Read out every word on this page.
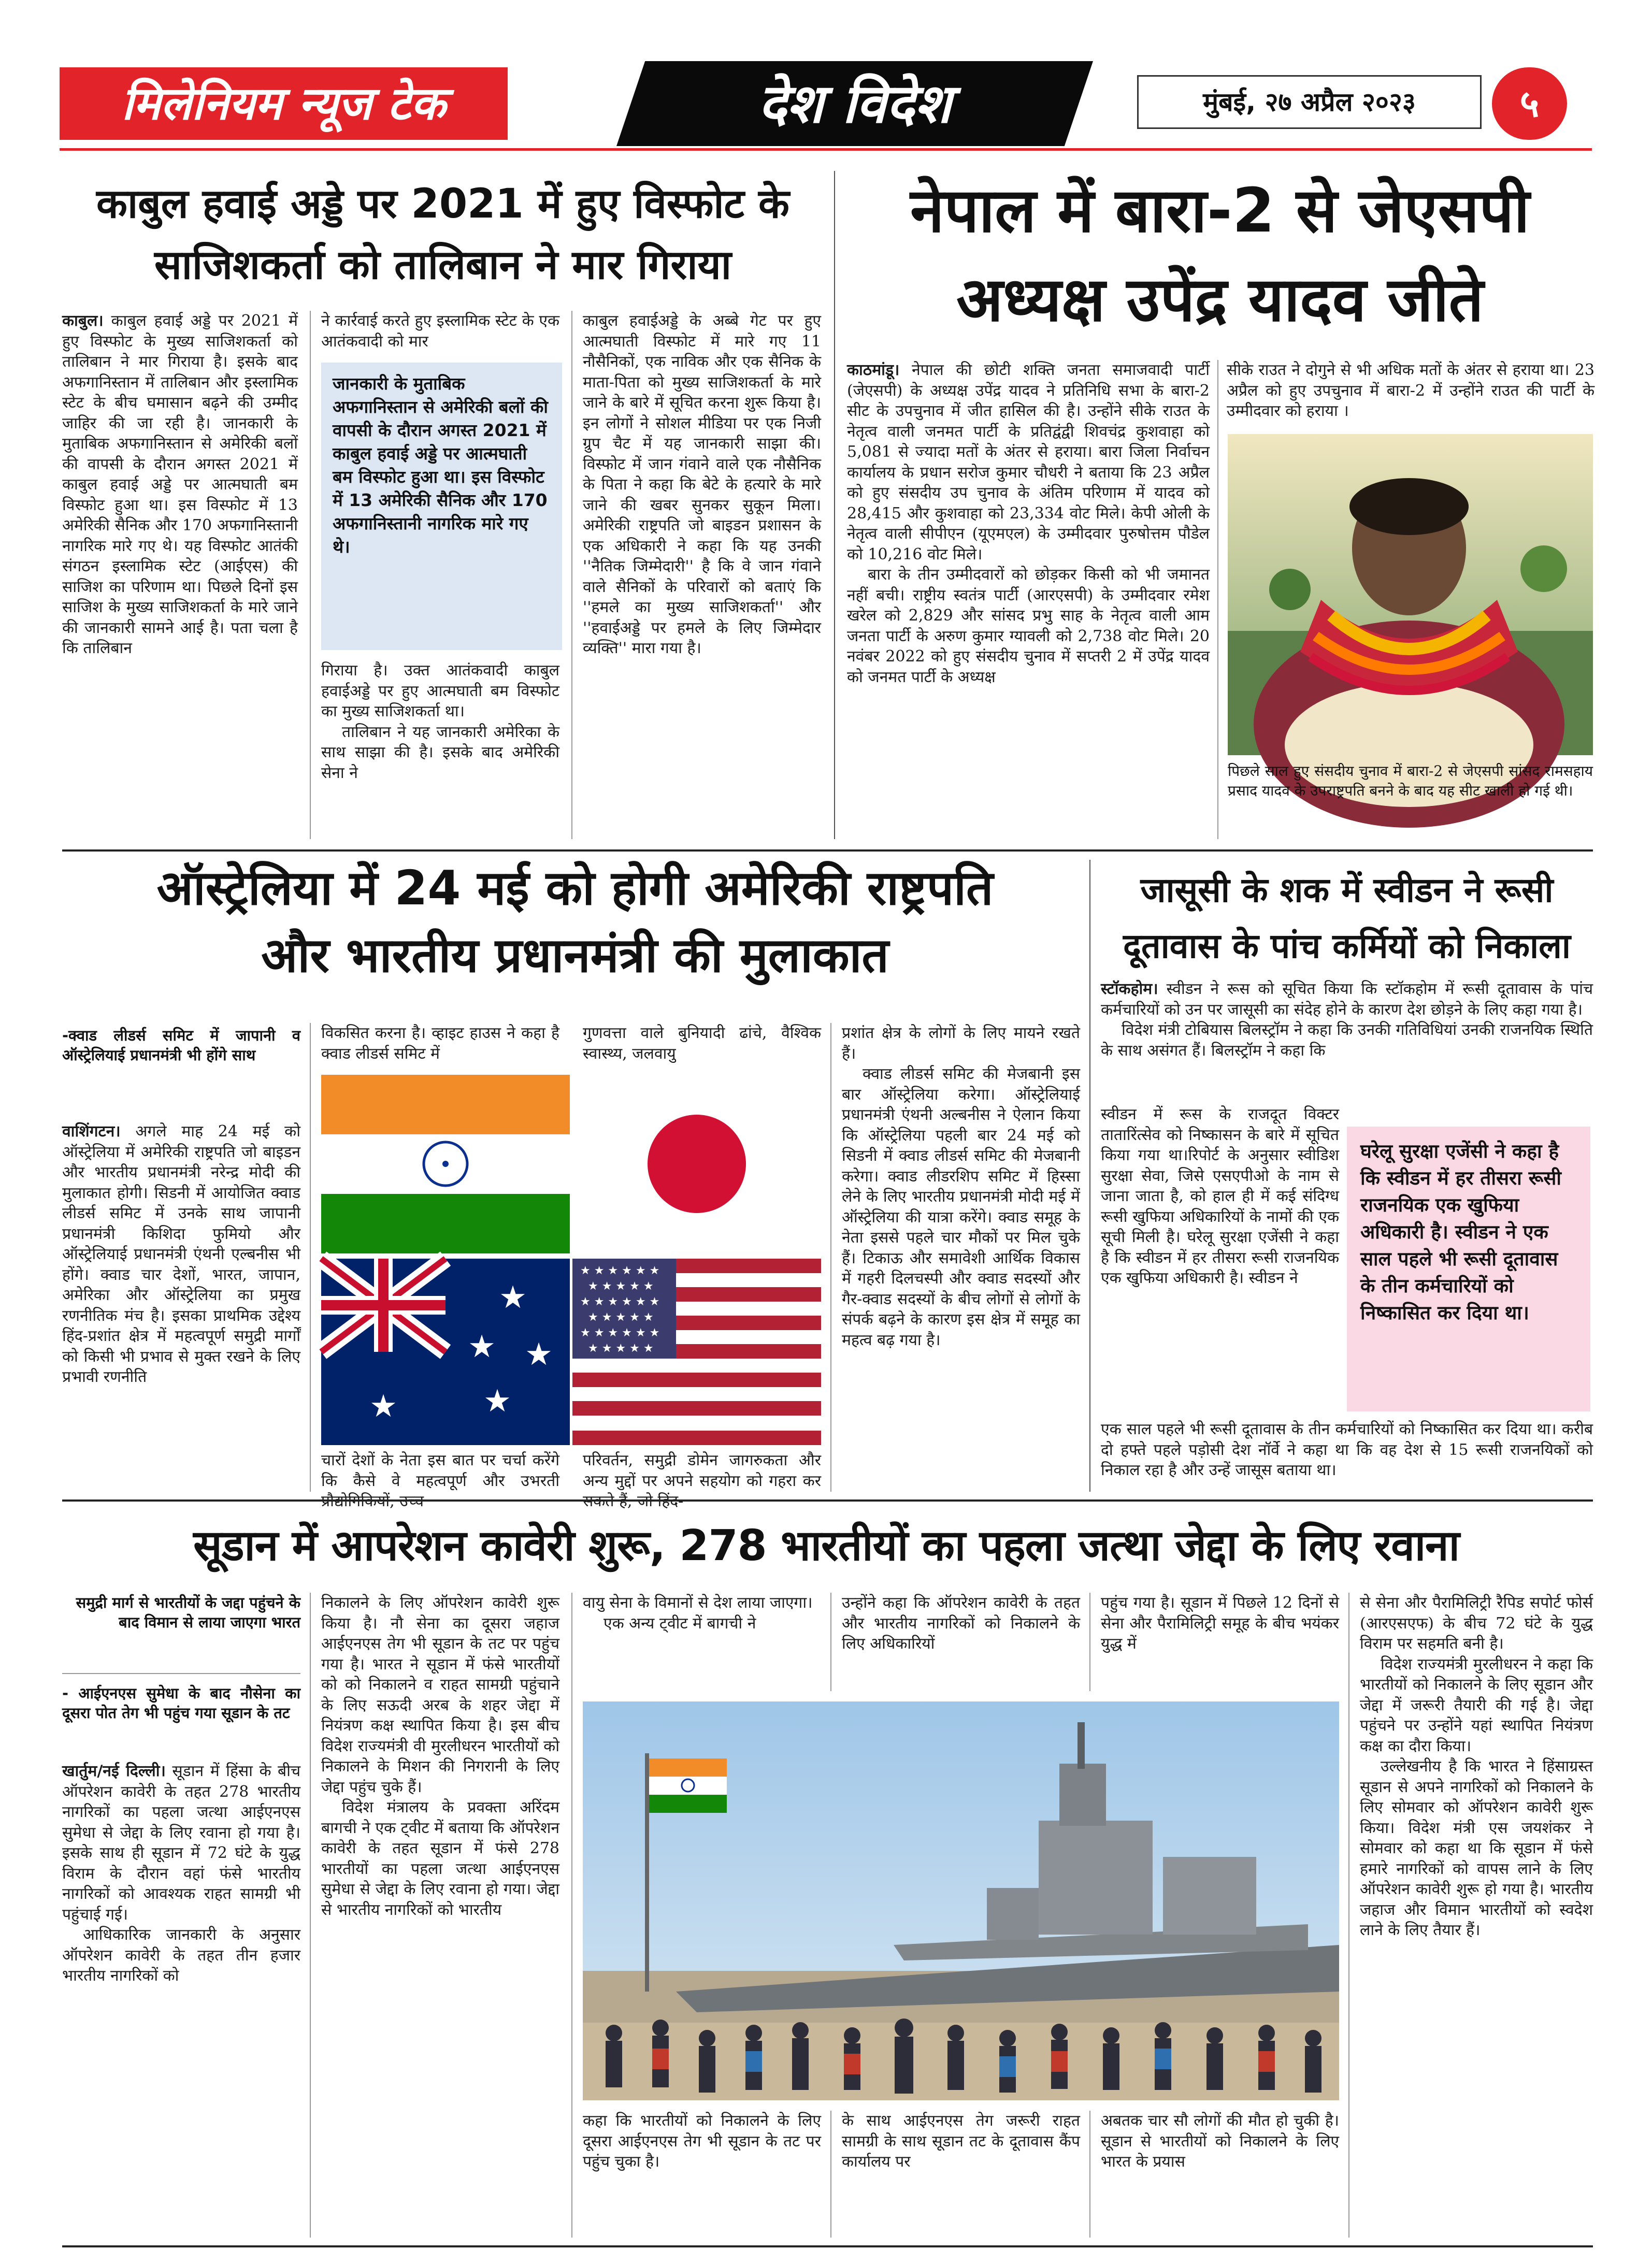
मिलेनियम न्यूज टेक	देश विदेश	मुंबई, २७ अप्रैल २०२३	५
काबुल हवाई अड्डे पर 2021 में हुए विस्फोट के
साजिशकर्ता को तालिबान ने मार गिराया

काबुल। काबुल हवाई अड्डे पर 2021 में हुए विस्फोट के मुख्य साजिशकर्ता को तालिबान ने मार गिराया है। इसके बाद अफगानिस्तान में तालिबान और इस्लामिक स्टेट के बीच घमासान बढ़ने की उम्मीद जाहिर की जा रही है। जानकारी के मुताबिक अफगानिस्तान से अमेरिकी बलों की वापसी के दौरान अगस्त 2021 में काबुल हवाई अड्डे पर आत्मघाती बम विस्फोट हुआ था। इस विस्फोट में 13 अमेरिकी सैनिक और 170 अफगानिस्तानी नागरिक मारे गए थे। यह विस्फोट आतंकी संगठन इस्लामिक स्टेट (आईएस) की साजिश का परिणाम था। पिछले दिनों इस साजिश के मुख्य साजिशकर्ता के मारे जाने की जानकारी सामने आई है। पता चला है कि तालिबान

ने कार्रवाई करते हुए इस्लामिक स्टेट के एक आतंकवादी को मार
जानकारी के मुताबिक अफगानिस्तान से अमेरिकी बलों की वापसी के दौरान अगस्त 2021 में काबुल हवाई अड्डे पर आत्मघाती बम विस्फोट हुआ था। इस विस्फोट में 13 अमेरिकी सैनिक और 170 अफगानिस्तानी नागरिक मारे गए थे।

गिराया है। उक्त आतंकवादी काबुल हवाईअड्डे पर हुए आत्मघाती बम विस्फोट का मुख्य साजिशकर्ता था।

तालिबान ने यह जानकारी अमेरिका के साथ साझा की है। इसके बाद अमेरिकी सेना ने

काबुल हवाईअड्डे के अब्बे गेट पर हुए आत्मघाती विस्फोट में मारे गए 11 नौसैनिकों, एक नाविक और एक सैनिक के माता-पिता को मुख्य साजिशकर्ता के मारे जाने के बारे में सूचित करना शुरू किया है। इन लोगों ने सोशल मीडिया पर एक निजी ग्रुप चैट में यह जानकारी साझा की। विस्फोट में जान गंवाने वाले एक नौसैनिक के पिता ने कहा कि बेटे के हत्यारे के मारे जाने की खबर सुनकर सुकून मिला। अमेरिकी राष्ट्रपति जो बाइडन प्रशासन के एक अधिकारी ने कहा कि यह उनकी ''नैतिक जिम्मेदारी'' है कि वे जान गंवाने वाले सैनिकों के परिवारों को बताएं कि ''हमले का मुख्य साजिशकर्ता'' और ''हवाईअड्डे पर हमले के लिए जिम्मेदार व्यक्ति'' मारा गया है।
नेपाल में बारा-2 से जेएसपी
अध्यक्ष उपेंद्र यादव जीते

काठमांडू। नेपाल की छोटी शक्ति जनता समाजवादी पार्टी (जेएसपी) के अध्यक्ष उपेंद्र यादव ने प्रतिनिधि सभा के बारा-2 सीट के उपचुनाव में जीत हासिल की है। उन्होंने सीके राउत के नेतृत्व वाली जनमत पार्टी के प्रतिद्वंद्वी शिवचंद्र कुशवाहा को 5,081 से ज्यादा मतों के अंतर से हराया। बारा जिला निर्वाचन कार्यालय के प्रधान सरोज कुमार चौधरी ने बताया कि 23 अप्रैल को हुए संसदीय उप चुनाव के अंतिम परिणाम में यादव को 28,415 और कुशवाहा को 23,334 वोट मिले। केपी ओली के नेतृत्व वाली सीपीएन (यूएमएल) के उम्मीदवार पुरुषोत्तम पौडेल को 10,216 वोट मिले।

बारा के तीन उम्मीदवारों को छोड़कर किसी को भी जमानत नहीं बची। राष्ट्रीय स्वतंत्र पार्टी (आरएसपी) के उम्मीदवार रमेश खरेल को 2,829 और सांसद प्रभु साह के नेतृत्व वाली आम जनता पार्टी के अरुण कुमार ग्यावली को 2,738 वोट मिले। 20 नवंबर 2022 को हुए संसदीय चुनाव में सप्तरी 2 में उपेंद्र यादव को जनमत पार्टी के अध्यक्ष

सीके राउत ने दोगुने से भी अधिक मतों के अंतर से हराया था। 23 अप्रैल को हुए उपचुनाव में बारा-2 में उन्होंने राउत की पार्टी के उम्मीदवार को हराया ।
पिछले साल हुए संसदीय चुनाव में बारा-2 से जेएसपी सांसद रामसहाय प्रसाद यादव के उपराष्ट्रपति बनने के बाद यह सीट खाली हो गई थी।
ऑस्ट्रेलिया में 24 मई को होगी अमेरिकी राष्ट्रपति
और भारतीय प्रधानमंत्री की मुलाकात
-क्वाड लीडर्स समिट में जापानी व ऑस्ट्रेलियाई प्रधानमंत्री भी होंगे साथ

वाशिंगटन। अगले माह 24 मई को ऑस्ट्रेलिया में अमेरिकी राष्ट्रपति जो बाइडन और भारतीय प्रधानमंत्री नरेन्द्र मोदी की मुलाकात होगी। सिडनी में आयोजित क्वाड लीडर्स समिट में उनके साथ जापानी प्रधानमंत्री किशिदा फुमियो और ऑस्ट्रेलियाई प्रधानमंत्री एंथनी एल्बनीस भी होंगे। क्वाड चार देशों, भारत, जापान, अमेरिका और ऑस्ट्रेलिया का प्रमुख रणनीतिक मंच है। इसका प्राथमिक उद्देश्य हिंद-प्रशांत क्षेत्र में महत्वपूर्ण समुद्री मार्गों को किसी भी प्रभाव से मुक्त रखने के लिए प्रभावी रणनीति

विकसित करना है। व्हाइट हाउस ने कहा है क्वाड लीडर्स समिट में
गुणवत्ता वाले बुनियादी ढांचे, वैश्विक स्वास्थ्य, जलवायु
★
★
★
★
★
★ ★ ★ ★ ★ ★
★ ★ ★ ★ ★
★ ★ ★ ★ ★ ★
★ ★ ★ ★ ★
★ ★ ★ ★ ★ ★
★ ★ ★ ★ ★
चारों देशों के नेता इस बात पर चर्चा करेंगे कि कैसे वे महत्वपूर्ण और उभरती
परिवर्तन, समुद्री डोमेन जागरुकता और अन्य मुद्दों पर अपने सहयोग को गहरा कर

प्रशांत क्षेत्र के लोगों के लिए मायने रखते हैं।

क्वाड लीडर्स समिट की मेजबानी इस बार ऑस्ट्रेलिया करेगा। ऑस्ट्रेलियाई प्रधानमंत्री एंथनी अल्बनीस ने ऐलान किया कि ऑस्ट्रेलिया पहली बार 24 मई को सिडनी में क्वाड लीडर्स समिट की मेजबानी करेगा। क्वाड लीडरशिप समिट में हिस्सा लेने के लिए भारतीय प्रधानमंत्री मोदी मई में ऑस्ट्रेलिया की यात्रा करेंगे। क्वाड समूह के नेता इससे पहले चार मौकों पर मिल चुके हैं। टिकाऊ और समावेशी आर्थिक विकास में गहरी दिलचस्पी और क्वाड सदस्यों और गैर-क्वाड सदस्यों के बीच लोगों से लोगों के संपर्क बढ़ने के कारण इस क्षेत्र में समूह का महत्व बढ़ गया है।

जासूसी के शक में स्वीडन ने रूसी
दूतावास के पांच कर्मियों को निकाला

स्टॉकहोम। स्वीडन ने रूस को सूचित किया कि स्टॉकहोम में रूसी दूतावास के पांच कर्मचारियों को उन पर जासूसी का संदेह होने के कारण देश छोड़ने के लिए कहा गया है।

विदेश मंत्री टोबियास बिलस्ट्रॉम ने कहा कि उनकी गतिविधियां उनकी राजनयिक स्थिति के साथ असंगत हैं। बिलस्ट्रॉम ने कहा कि

स्वीडन में रूस के राजदूत विक्टर तातारिंत्सेव को निष्कासन के बारे में सूचित किया गया था।रिपोर्ट के अनुसार स्वीडिश सुरक्षा सेवा, जिसे एसएपीओ के नाम से जाना जाता है, को हाल ही में कई संदिग्ध रूसी खुफिया अधिकारियों के नामों की एक सूची मिली है। घरेलू सुरक्षा एजेंसी ने कहा है कि स्वीडन में हर तीसरा रूसी राजनयिक एक खुफिया अधिकारी है। स्वीडन ने
घरेलू सुरक्षा एजेंसी ने कहा है कि स्वीडन में हर तीसरा रूसी राजनयिक एक खुफिया अधिकारी है। स्वीडन ने एक साल पहले भी रूसी दूतावास के तीन कर्मचारियों को निष्कासित कर दिया था।
एक साल पहले भी रूसी दूतावास के तीन कर्मचारियों को निष्कासित कर दिया था। करीब दो हफ्ते पहले पड़ोसी देश नॉर्वे ने कहा था कि वह देश से 15 रूसी राजनयिकों को निकाल रहा है और उन्हें जासूस बताया था।
सूडान में आपरेशन कावेरी शुरू, 278 भारतीयों का पहला जत्था जेद्दा के लिए रवाना
समुद्री मार्ग से भारतीयों के जद्दा पहुंचने के बाद विमान से लाया जाएगा भारत
- आईएनएस सुमेधा के बाद नौसेना का दूसरा पोत तेग भी पहुंच गया सूडान के तट

खार्तुम/नई दिल्ली। सूडान में हिंसा के बीच ऑपरेशन कावेरी के तहत 278 भारतीय नागरिकों का पहला जत्था आईएनएस सुमेधा से जेद्दा के लिए रवाना हो गया है। इसके साथ ही सूडान में 72 घंटे के युद्ध विराम के दौरान वहां फंसे भारतीय नागरिकों को आवश्यक राहत सामग्री भी पहुंचाई गई।

आधिकारिक जानकारी के अनुसार ऑपरेशन कावेरी के तहत तीन हजार भारतीय नागरिकों को

निकालने के लिए ऑपरेशन कावेरी शुरू किया है। नौ सेना का दूसरा जहाज आईएनएस तेग भी सूडान के तट पर पहुंच गया है। भारत ने सूडान में फंसे भारतीयों को को निकालने व राहत सामग्री पहुंचाने के लिए सऊदी अरब के शहर जेद्दा में नियंत्रण कक्ष स्थापित किया है। इस बीच विदेश राज्यमंत्री वी मुरलीधरन भारतीयों को निकालने के मिशन की निगरानी के लिए जेद्दा पहुंच चुके हैं।

विदेश मंत्रालय के प्रवक्ता अरिंदम बागची ने एक ट्वीट में बताया कि ऑपरेशन कावेरी के तहत सूडान में फंसे 278 भारतीयों का पहला जत्था आईएनएस सुमेधा से जेद्दा के लिए रवाना हो गया। जेद्दा से भारतीय नागरिकों को भारतीय

वायु सेना के विमानों से देश लाया जाएगा।

एक अन्य ट्वीट में बागची ने

उन्होंने कहा कि ऑपरेशन कावेरी के तहत और भारतीय नागरिकों को निकालने के लिए अधिकारियों
पहुंच गया है। सूडान में पिछले 12 दिनों से सेना और पैरामिलिट्री समूह के बीच भयंकर युद्ध में
कहा कि भारतीयों को निकालने के लिए दूसरा आईएनएस तेग भी सूडान के तट पर पहुंच चुका है।
के साथ आईएनएस तेग जरूरी राहत सामग्री के साथ सूडान तट के दूतावास कैंप कार्यालय पर
अबतक चार सौ लोगों की मौत हो चुकी है। सूडान से भारतीयों को निकालने के लिए भारत के प्रयास

से सेना और पैरामिलिट्री रैपिड सपोर्ट फोर्स (आरएसएफ) के बीच 72 घंटे के युद्ध विराम पर सहमति बनी है।

विदेश राज्यमंत्री मुरलीधरन ने कहा कि भारतीयों को निकालने के लिए सूडान और जेद्दा में जरूरी तैयारी की गई है। जेद्दा पहुंचने पर उन्होंने यहां स्थापित नियंत्रण कक्ष का दौरा किया।

उल्लेखनीय है कि भारत ने हिंसाग्रस्त सूडान से अपने नागरिकों को निकालने के लिए सोमवार को ऑपरेशन कावेरी शुरू किया। विदेश मंत्री एस जयशंकर ने सोमवार को कहा था कि सूडान में फंसे हमारे नागरिकों को वापस लाने के लिए ऑपरेशन कावेरी शुरू हो गया है। भारतीय जहाज और विमान भारतीयों को स्वदेश लाने के लिए तैयार हैं।
